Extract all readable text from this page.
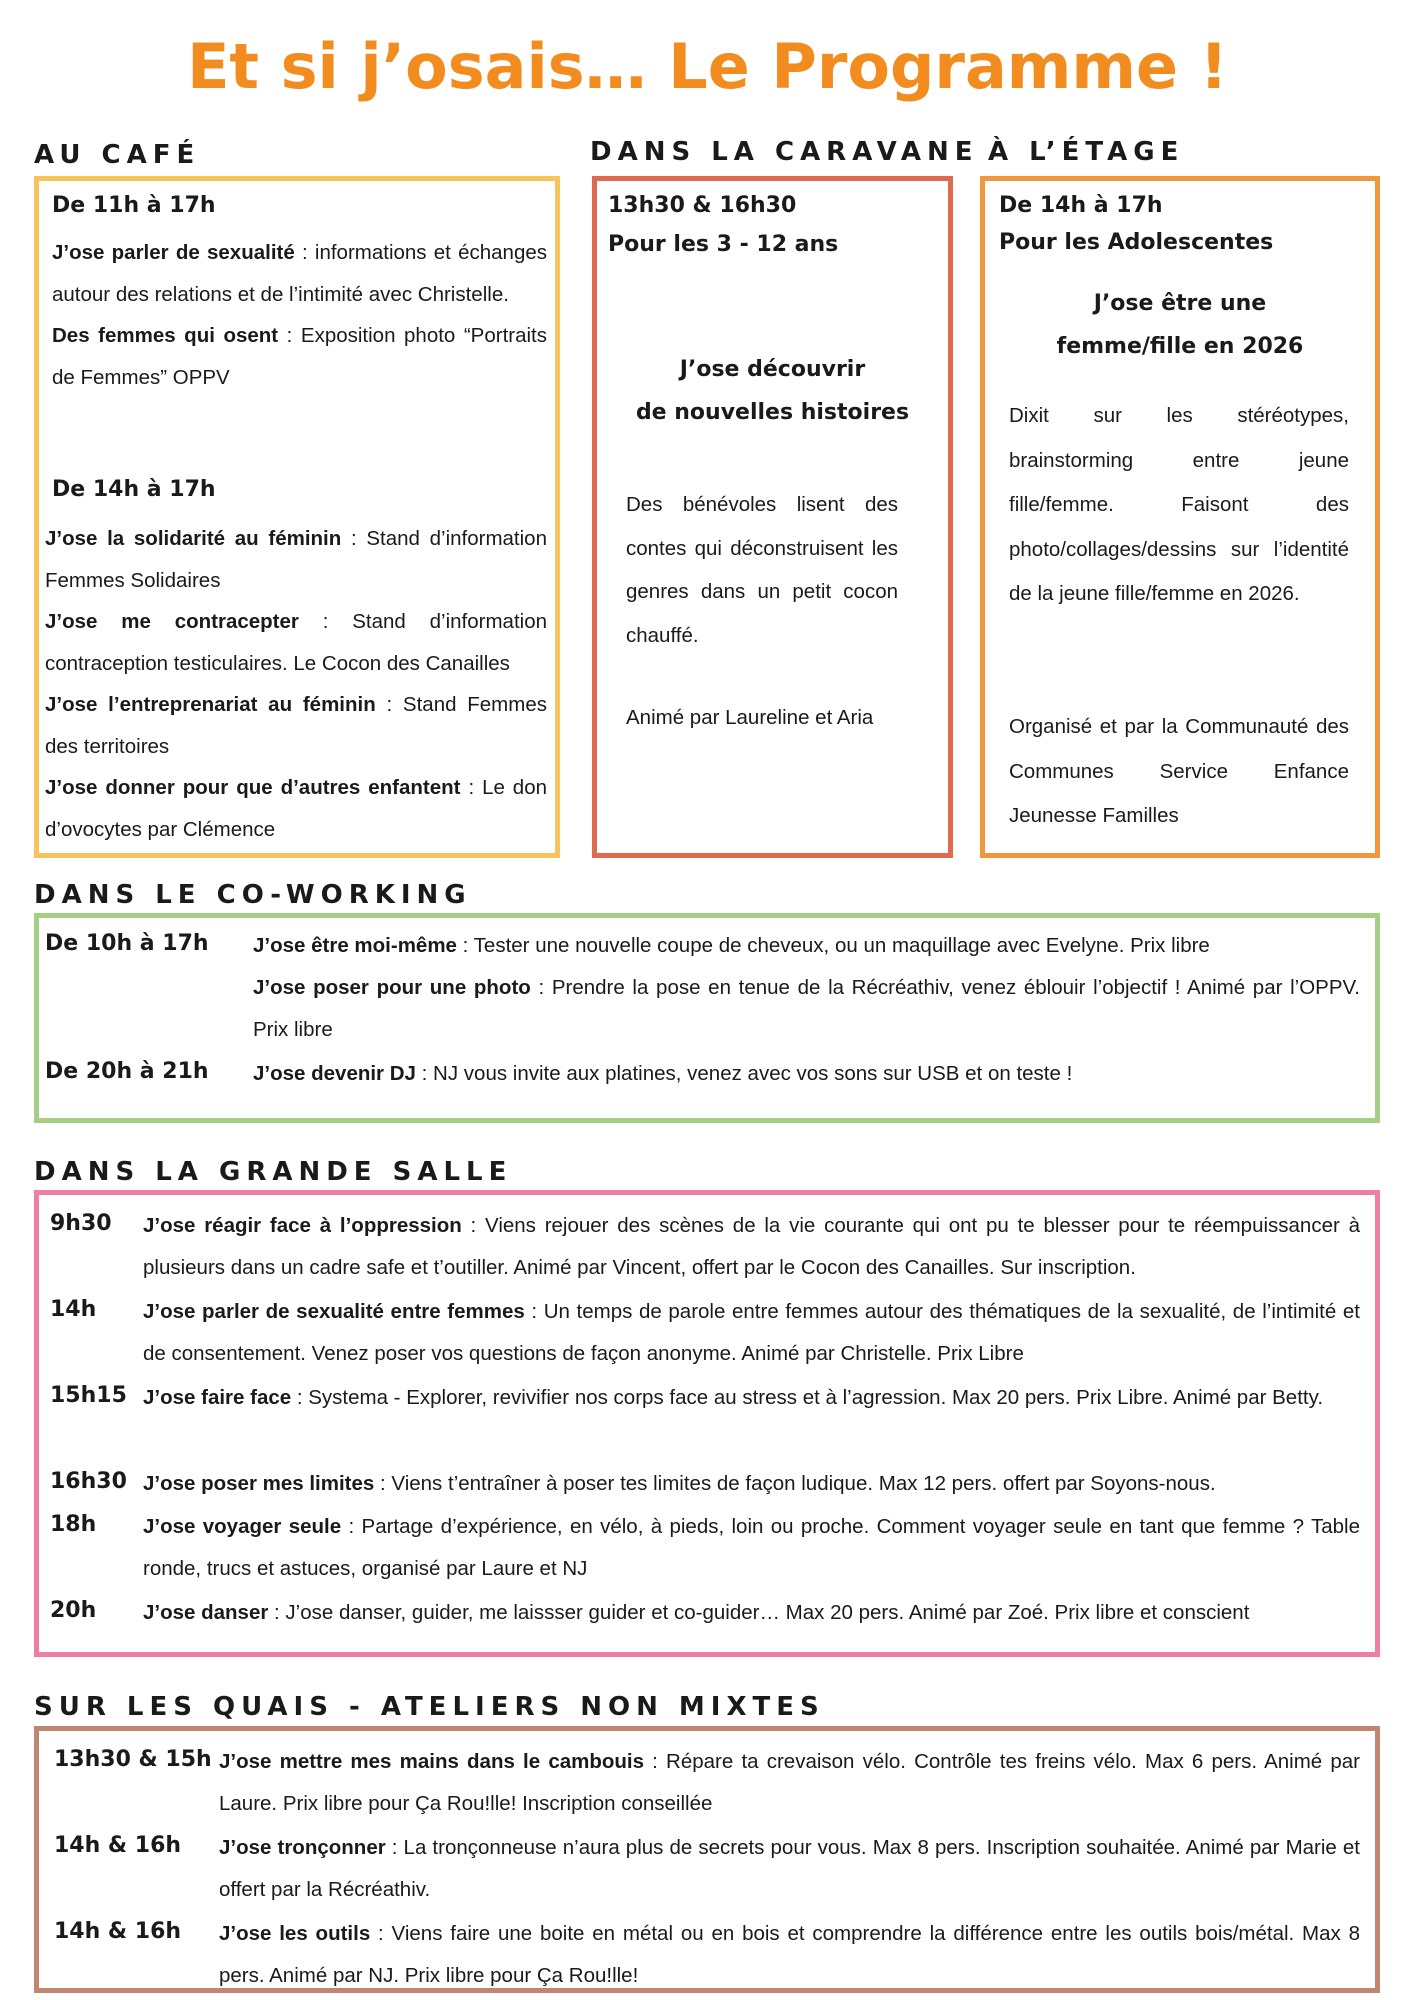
Et si j’osais… Le Programme !
AU CAFÉ
De 11h à 17h

J’ose parler de sexualité : informations et échanges autour des relations et de l’intimité avec Christelle.

Des femmes qui osent : Exposition photo “Portraits de Femmes” OPPV

De 14h à 17h

J’ose la solidarité au féminin : Stand d’information Femmes Solidaires

J’ose me contracepter : Stand d’information contraception testiculaires. Le Cocon des Canailles

J’ose l’entreprenariat au féminin : Stand Femmes des territoires

J’ose donner pour que d’autres enfantent : Le don d’ovocytes par Clémence

DANS LA CARAVANE
13h30 & 16h30
Pour les 3 - 12 ans
J’ose découvrir
de nouvelles histoires

Des bénévoles lisent des contes qui déconstruisent les genres dans un petit cocon chauffé.

Animé par Laureline et Aria

À L’ÉTAGE
De 14h à 17h
Pour les Adolescentes
J’ose être une
femme/fille en 2026

Dixit sur les stéréotypes, brainstorming entre jeune fille/femme. Faisont des photo/collages/dessins sur l’identité de la jeune fille/femme en 2026.

Organisé et par la Communauté des Communes Service Enfance Jeunesse Familles

DANS LE CO-WORKING
De 10h à 17h J’ose être moi-même : Tester une nouvelle coupe de cheveux, ou un maquillage avec Evelyne. Prix libre

J’ose poser pour une photo : Prendre la pose en tenue de la Récréathiv, venez éblouir l’objectif ! Animé par l’OPPV. Prix libre

De 20h à 21h J’ose devenir DJ : NJ vous invite aux platines, venez avec vos sons sur USB et on teste !

DANS LA GRANDE SALLE
9h30 J’ose réagir face à l’oppression : Viens rejouer des scènes de la vie courante qui ont pu te blesser pour te réempuissancer à plusieurs dans un cadre safe et t’outiller. Animé par Vincent, offert par le Cocon des Canailles. Sur inscription.

14h J’ose parler de sexualité entre femmes : Un temps de parole entre femmes autour des thématiques de la sexualité, de l’intimité et de consentement. Venez poser vos questions de façon anonyme. Animé par Christelle. Prix Libre

15h15 J’ose faire face : Systema - Explorer, revivifier nos corps face au stress et à l’agression. Max 20 pers. Prix Libre. Animé par Betty.

16h30 J’ose poser mes limites : Viens t’entraîner à poser tes limites de façon ludique. Max 12 pers. offert par Soyons-nous.

18h J’ose voyager seule : Partage d’expérience, en vélo, à pieds, loin ou proche. Comment voyager seule en tant que femme ? Table ronde, trucs et astuces, organisé par Laure et NJ

20h J’ose danser : J’ose danser, guider, me laissser guider et co-guider… Max 20 pers. Animé par Zoé. Prix libre et conscient

SUR LES QUAIS - ATELIERS NON MIXTES
13h30 & 15h J’ose mettre mes mains dans le cambouis : Répare ta crevaison vélo. Contrôle tes freins vélo. Max 6 pers. Animé par Laure. Prix libre pour Ça Rou!lle! Inscription conseillée

14h & 16h J’ose tronçonner : La tronçonneuse n’aura plus de secrets pour vous. Max 8 pers. Inscription souhaitée. Animé par Marie et offert par la Récréathiv.

14h & 16h J’ose les outils : Viens faire une boite en métal ou en bois et comprendre la différence entre les outils bois/métal. Max 8 pers. Animé par NJ. Prix libre pour Ça Rou!lle!
